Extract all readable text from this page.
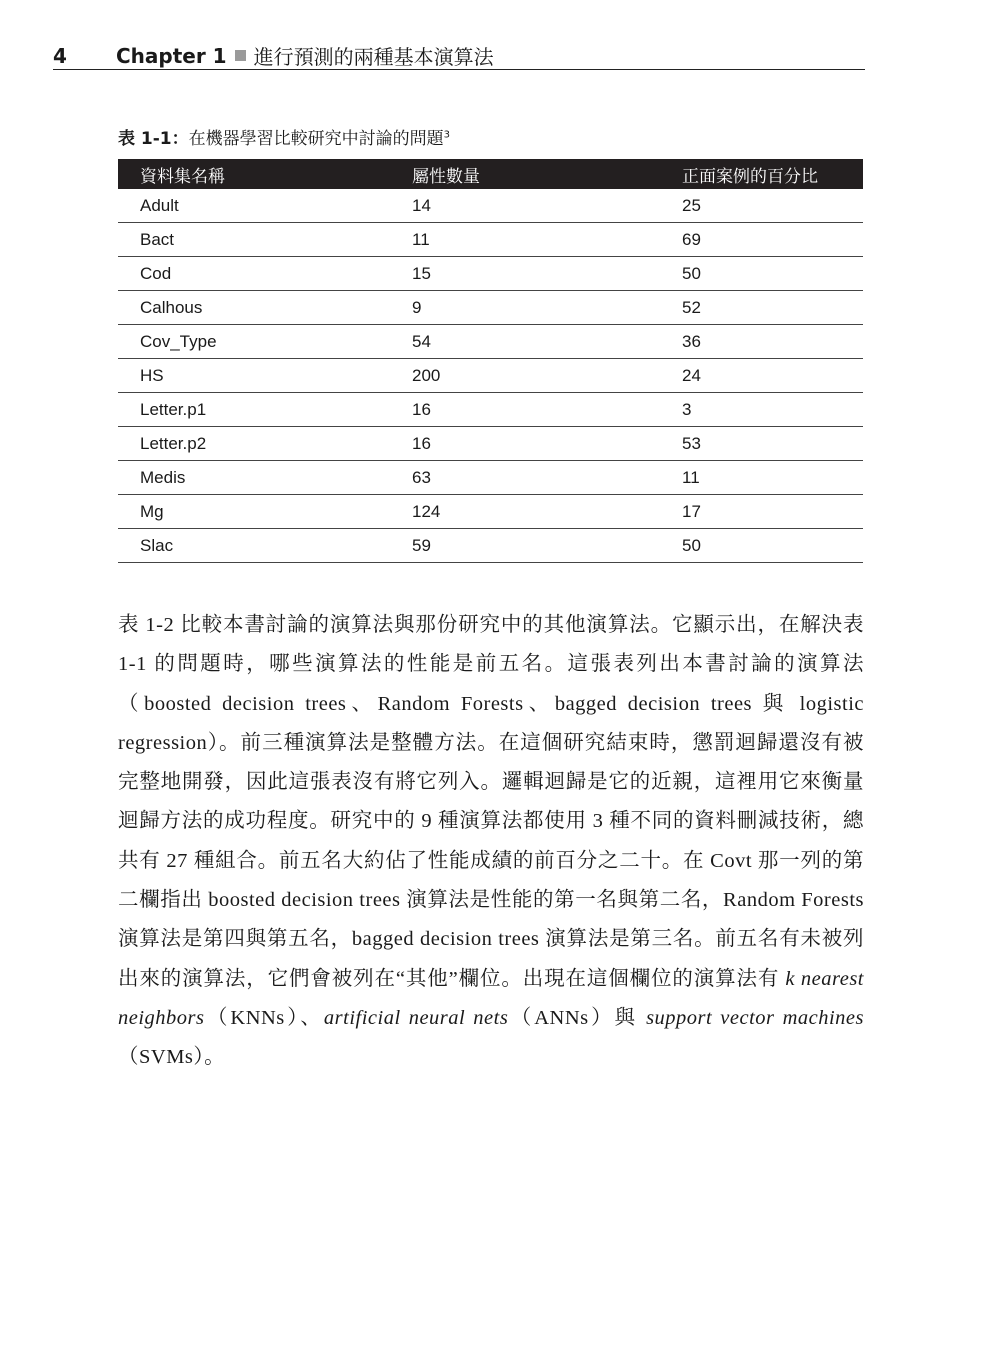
4	Chapter 1 進行預測的兩種基本演算法
表 1-1：在機器學習比較研究中討論的問題$^3$
資料集名稱	屬性數量	正面案例的百分比
Adult	14	25
Bact	11	69
Cod	15	50
Calhous	9	52
Cov_Type	54	36
HS	200	24
Letter.p1	16	3
Letter.p2	16	53
Medis	63	11
Mg	124	17
Slac	59	50

表 1-2 比較本書討論的演算法與那份研究中的其他演算法。它顯示出，在解決表 1-1 的問題時，哪些演算法的性能是前五名。這張表列出本書討論的演算法（boosted decision trees、Random Forests、bagged decision trees 與 logistic regression）。前三種演算法是整體方法。在這個研究結束時，懲罰迴歸還沒有被完整地開發，因此這張表沒有將它列入。邏輯迴歸是它的近親，這裡用它來衡量迴歸方法的成功程度。研究中的 9 種演算法都使用 3 種不同的資料刪減技術，總共有 27 種組合。前五名大約佔了性能成績的前百分之二十。在 Covt 那一列的第二欄指出 boosted decision trees 演算法是性能的第一名與第二名，Random Forests 演算法是第四與第五名，bagged decision trees 演算法是第三名。前五名有未被列出來的演算法，它們會被列在“其他”欄位。出現在這個欄位的演算法有 k nearest neighbors（KNNs）、artificial neural nets（ANNs）與 support vector machines（SVMs）。
